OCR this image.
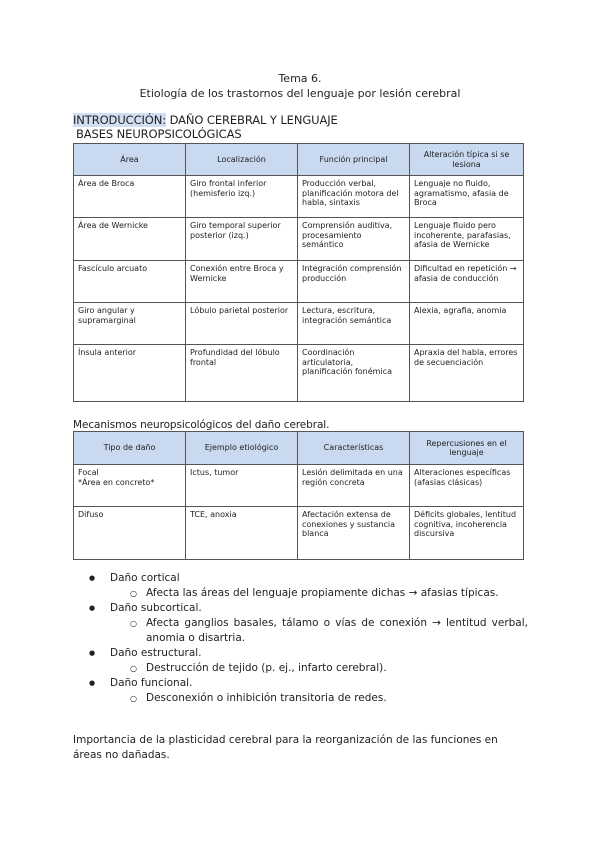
Tema 6.
Etiología de los trastornos del lenguaje por lesión cerebral
INTRODUCCIÓN: DAÑO CEREBRAL Y LENGUAJE
BASES NEUROPSICOLÓGICAS
Área	Localización	Función principal	Alteración típica si se lesiona
Área de Broca	Giro frontal inferior (hemisferio izq.)	Producción verbal, planificación motora del habla, sintaxis	Lenguaje no fluido, agramatismo, afasia de Broca
Área de Wernicke	Giro temporal superior posterior (izq.)	Comprensión auditiva, procesamiento semántico	Lenguaje fluido pero incoherente, parafasias, afasia de Wernicke
Fascículo arcuato	Conexión entre Broca y Wernicke	Integración comprensión producción	Dificultad en repetición → afasia de conducción
Giro angular y supramarginal	Lóbulo parietal posterior	Lectura, escritura, integración semántica	Alexia, agrafia, anomia
Ínsula anterior	Profundidad del lóbulo frontal	Coordinación articulatoria, planificación fonémica	Apraxia del habla, errores de secuenciación
Mecanismos neuropsicológicos del daño cerebral.
Tipo de daño	Ejemplo etiológico	Características	Repercusiones en el lenguaje

Focal
*Área en concreto*	Ictus, tumor	Lesión delimitada en una región concreta	Alteraciones específicas (afasias clásicas)
Difuso	TCE, anoxia	Afectación extensa de conexiones y sustancia blanca	Déficits globales, lentitud cognitiva, incoherencia discursiva
● Daño cortical
○ Afecta las áreas del lenguaje propiamente dichas → afasias típicas.
● Daño subcortical.
○ Afecta ganglios basales, tálamo o vías de conexión → lentitud verbal, anomia o disartria.
● Daño estructural.
○ Destrucción de tejido (p. ej., infarto cerebral).
● Daño funcional.
○ Desconexión o inhibición transitoria de redes.
Importancia de la plasticidad cerebral para la reorganización de las funciones en áreas no dañadas.
